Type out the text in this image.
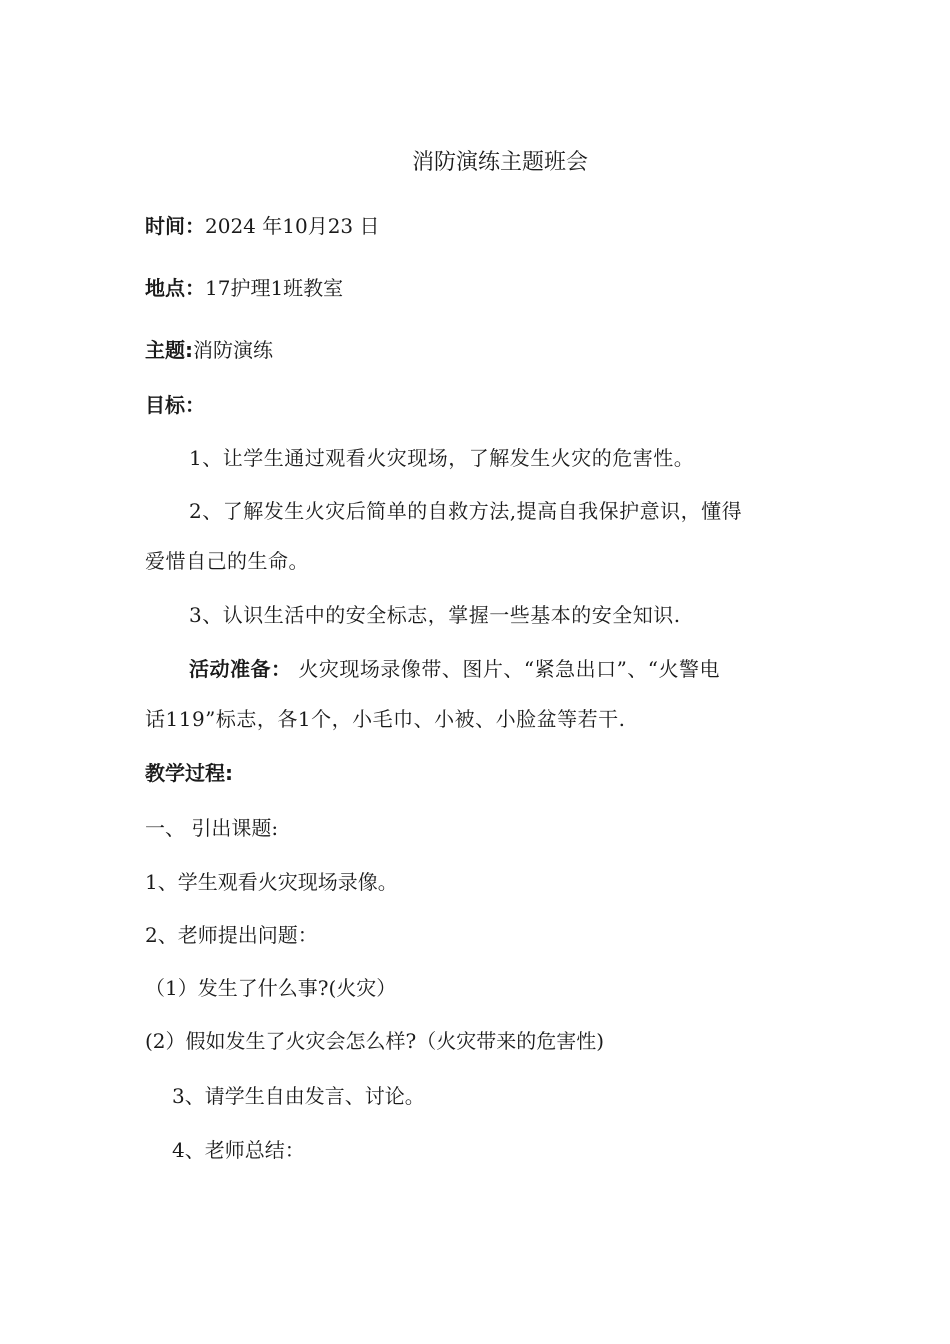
消防演练主题班会
时间：2024 年10月23 日
地点：17护理1班教室
主题:消防演练
目标：
1、让学生通过观看火灾现场，了解发生火灾的危害性。
2、了解发生火灾后简单的自救方法,提高自我保护意识，懂得
爱惜自己的生命。
3、认识生活中的安全标志，掌握一些基本的安全知识.
活动准备： 火灾现场录像带、图片、“紧急出口”、“火警电
话119”标志，各1个，小毛巾、小被、小脸盆等若干.
教学过程:
一、 引出课题:
1、学生观看火灾现场录像。
2、老师提出问题：
（1）发生了什么事?(火灾）
(2）假如发生了火灾会怎么样?（火灾带来的危害性)
3、请学生自由发言、讨论。
4、老师总结：
